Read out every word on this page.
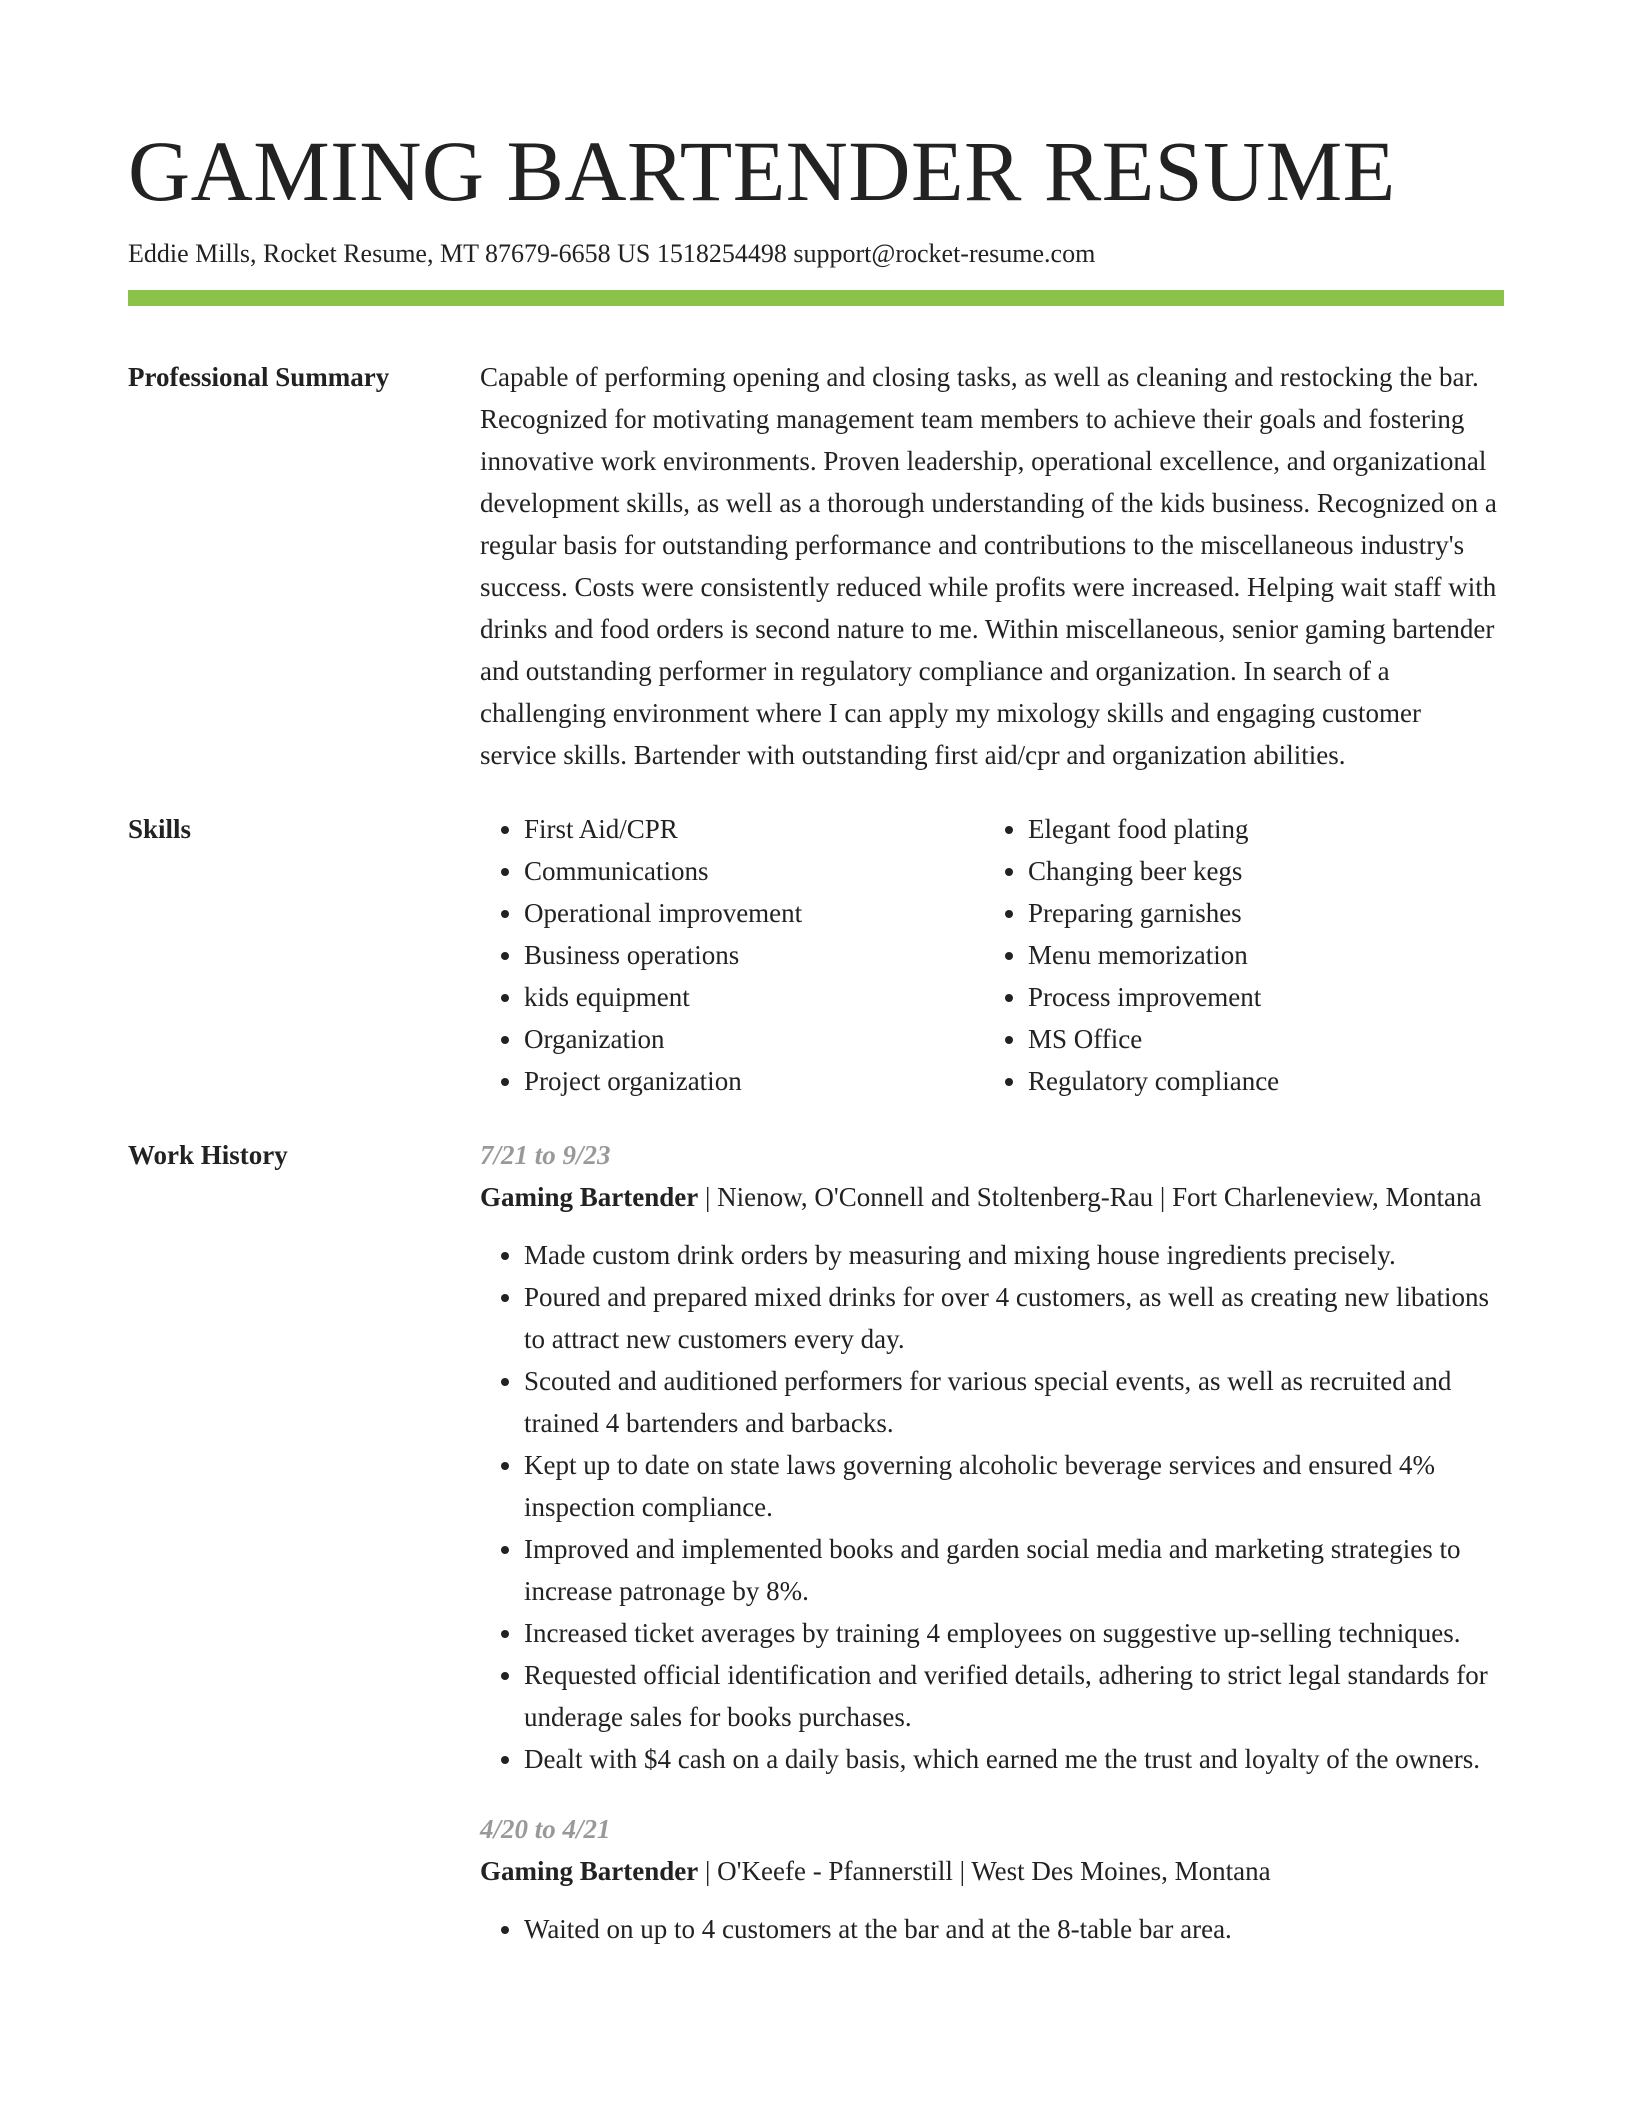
GAMING BARTENDER RESUME
Eddie Mills, Rocket Resume, MT 87679-6658 US 1518254498 support@rocket-resume.com
Professional Summary	Capable of performing opening and closing tasks, as well as cleaning and restocking the bar. Recognized for motivating management team members to achieve their goals and fostering innovative work environments. Proven leadership, operational excellence, and organizational development skills, as well as a thorough understanding of the kids business. Recognized on a regular basis for outstanding performance and contributions to the miscellaneous industry's success. Costs were consistently reduced while profits were increased. Helping wait staff with drinks and food orders is second nature to me. Within miscellaneous, senior gaming bartender and outstanding performer in regulatory compliance and organization. In search of a challenging environment where I can apply my mixology skills and engaging customer service skills. Bartender with outstanding first aid/cpr and organization abilities.

Skills
•	First Aid/CPR
• Communications
• Operational improvement
• Business operations
• kids equipment
• Organization
• Project organization
• Elegant food plating
• Changing beer kegs
• Preparing garnishes
• Menu memorization
• Process improvement
• MS Office
• Regulatory compliance
Work History	7/21 to 9/23
Gaming Bartender | Nienow, O'Connell and Stoltenberg-Rau | Fort Charleneview, Montana
• Made custom drink orders by measuring and mixing house ingredients precisely.
• Poured and prepared mixed drinks for over 4 customers, as well as creating new libations to attract new customers every day.
• Scouted and auditioned performers for various special events, as well as recruited and trained 4 bartenders and barbacks.
• Kept up to date on state laws governing alcoholic beverage services and ensured 4% inspection compliance.
• Improved and implemented books and garden social media and marketing strategies to increase patronage by 8%.
• Increased ticket averages by training 4 employees on suggestive up-selling techniques.
• Requested official identification and verified details, adhering to strict legal standards for underage sales for books purchases.
• Dealt with $4 cash on a daily basis, which earned me the trust and loyalty of the owners.
4/20 to 4/21
Gaming Bartender | O'Keefe - Pfannerstill | West Des Moines, Montana
• Waited on up to 4 customers at the bar and at the 8-table bar area.
